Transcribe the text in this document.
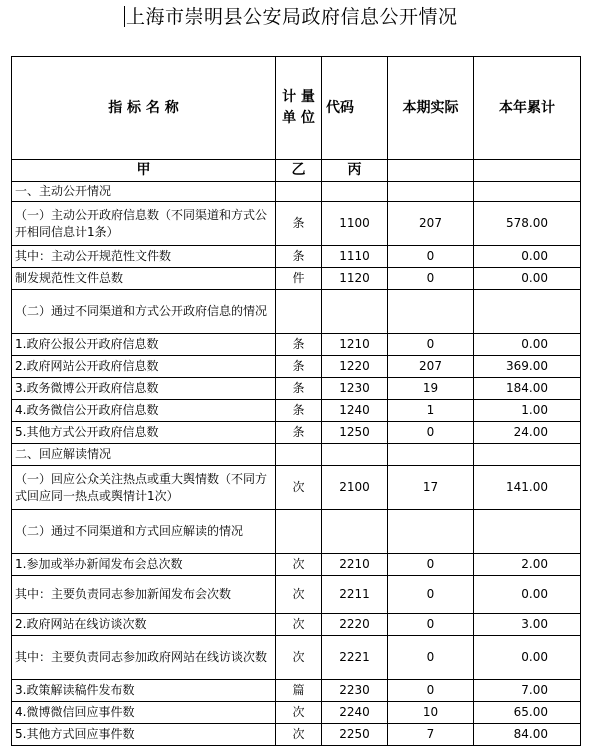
上海市崇明县公安局政府信息公开情况
指 标 名 称	计 量 单 位	代码	本期实际	本年累计
甲	乙	丙		
一、主动公开情况				
（一）主动公开政府信息数（不同渠道和方式公开相同信息计1条）	条	1100	207	578.00
其中：主动公开规范性文件数	条	1110	0	0.00
制发规范性文件总数	件	1120	0	0.00
（二）通过不同渠道和方式公开政府信息的情况				
1.政府公报公开政府信息数	条	1210	0	0.00
2.政府网站公开政府信息数	条	1220	207	369.00
3.政务微博公开政府信息数	条	1230	19	184.00
4.政务微信公开政府信息数	条	1240	1	1.00
5.其他方式公开政府信息数	条	1250	0	24.00
二、回应解读情况				
（一）回应公众关注热点或重大舆情数（不同方式回应同一热点或舆情计1次）	次	2100	17	141.00
（二）通过不同渠道和方式回应解读的情况				
1.参加或举办新闻发布会总次数	次	2210	0	2.00
其中：主要负责同志参加新闻发布会次数	次	2211	0	0.00
2.政府网站在线访谈次数	次	2220	0	3.00
其中：主要负责同志参加政府网站在线访谈次数	次	2221	0	0.00
3.政策解读稿件发布数	篇	2230	0	7.00
4.微博微信回应事件数	次	2240	10	65.00
5.其他方式回应事件数	次	2250	7	84.00
